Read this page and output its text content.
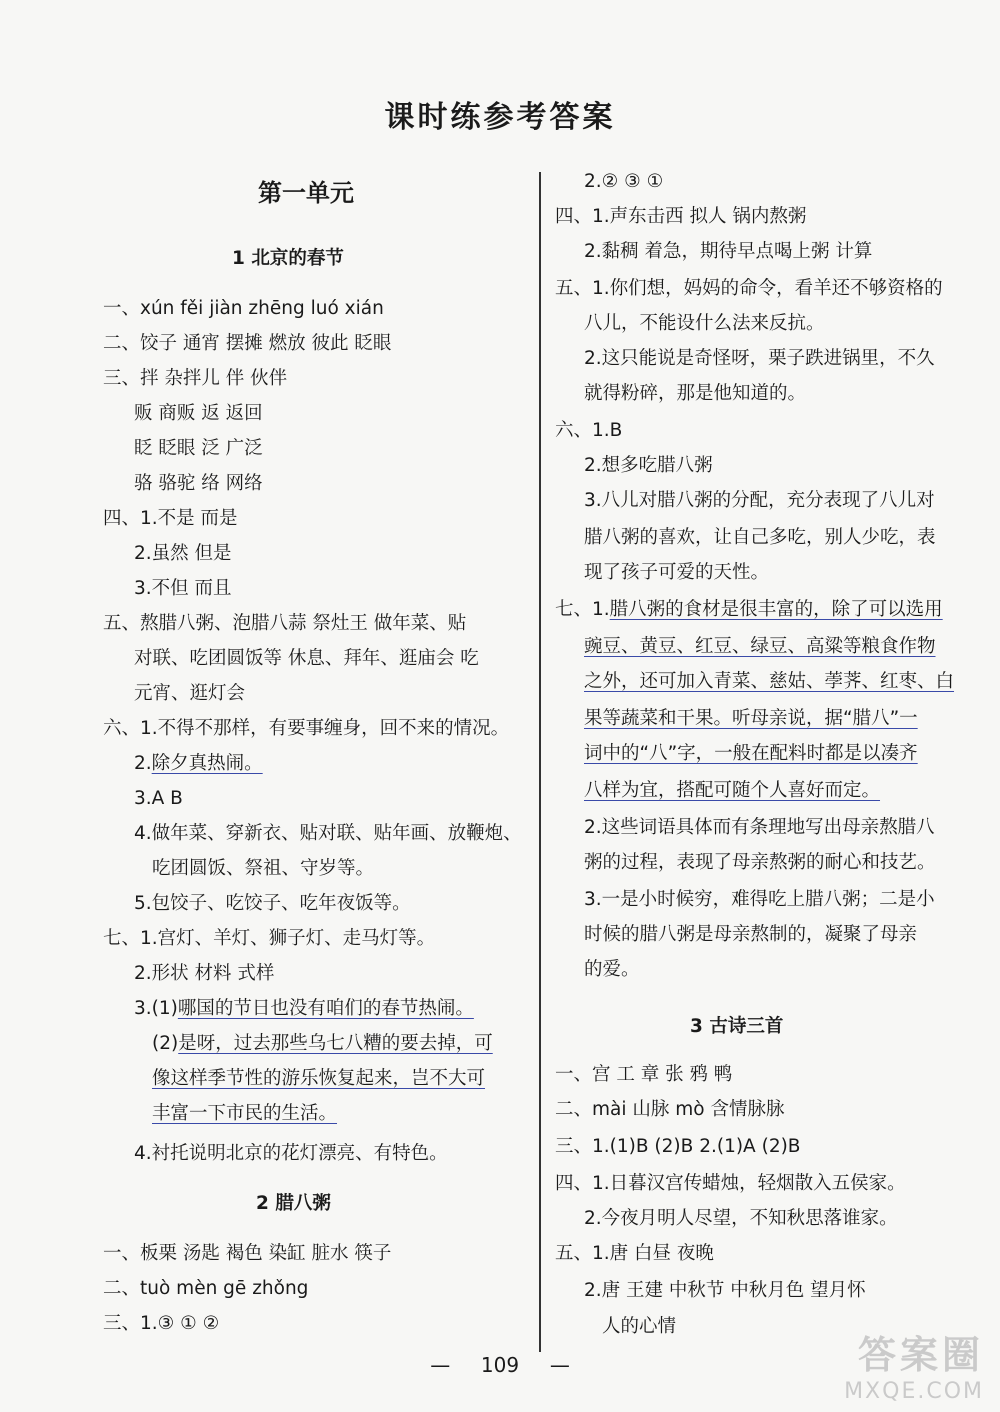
课时练参考答案
第一单元
1 北京的春节
一、xún fěi jiàn zhēng luó xián
二、饺子 通宵 摆摊 燃放 彼此 眨眼
三、拌 杂拌儿 伴 伙伴
贩 商贩 返 返回
眨 眨眼 泛 广泛
骆 骆驼 络 网络
四、1.不是 而是
2.虽然 但是
3.不但 而且
五、熬腊八粥、泡腊八蒜 祭灶王 做年菜、贴
对联、吃团圆饭等 休息、拜年、逛庙会 吃
元宵、逛灯会
六、1.不得不那样，有要事缠身，回不来的情况。
2.除夕真热闹。
3.A B
4.做年菜、穿新衣、贴对联、贴年画、放鞭炮、
吃团圆饭、祭祖、守岁等。
5.包饺子、吃饺子、吃年夜饭等。
七、1.宫灯、羊灯、狮子灯、走马灯等。
2.形状 材料 式样
3.(1)哪国的节日也没有咱们的春节热闹。
(2)是呀，过去那些乌七八糟的要去掉，可
像这样季节性的游乐恢复起来，岂不大可
丰富一下市民的生活。
4.衬托说明北京的花灯漂亮、有特色。
2 腊八粥
一、板栗 汤匙 褐色 染缸 脏水 筷子
二、tuò mèn gē zhǒng
三、1.③ ① ②
2.② ③ ①
四、1.声东击西 拟人 锅内熬粥
2.黏稠 着急，期待早点喝上粥 计算
五、1.你们想，妈妈的命令，看羊还不够资格的
八儿，不能设什么法来反抗。
2.这只能说是奇怪呀，栗子跌进锅里，不久
就得粉碎，那是他知道的。
六、1.B
2.想多吃腊八粥
3.八儿对腊八粥的分配，充分表现了八儿对
腊八粥的喜欢，让自己多吃，别人少吃，表
现了孩子可爱的天性。
七、1.腊八粥的食材是很丰富的，除了可以选用
豌豆、黄豆、红豆、绿豆、高粱等粮食作物
之外，还可加入青菜、慈姑、荸荠、红枣、白
果等蔬菜和干果。听母亲说，据“腊八”一
词中的“八”字，一般在配料时都是以凑齐
八样为宜，搭配可随个人喜好而定。
2.这些词语具体而有条理地写出母亲熬腊八
粥的过程，表现了母亲熬粥的耐心和技艺。
3.一是小时候穷，难得吃上腊八粥；二是小
时候的腊八粥是母亲熬制的，凝聚了母亲
的爱。
3 古诗三首
一、宫 工 章 张 鸦 鸭
二、mài 山脉 mò 含情脉脉
三、1.(1)B (2)B 2.(1)A (2)B
四、1.日暮汉宫传蜡烛，轻烟散入五侯家。
2.今夜月明人尽望，不知秋思落谁家。
五、1.唐 白昼 夜晚
2.唐 王建 中秋节 中秋月色 望月怀
人的心情
— 109 —	答案圈
MXQE.COM
